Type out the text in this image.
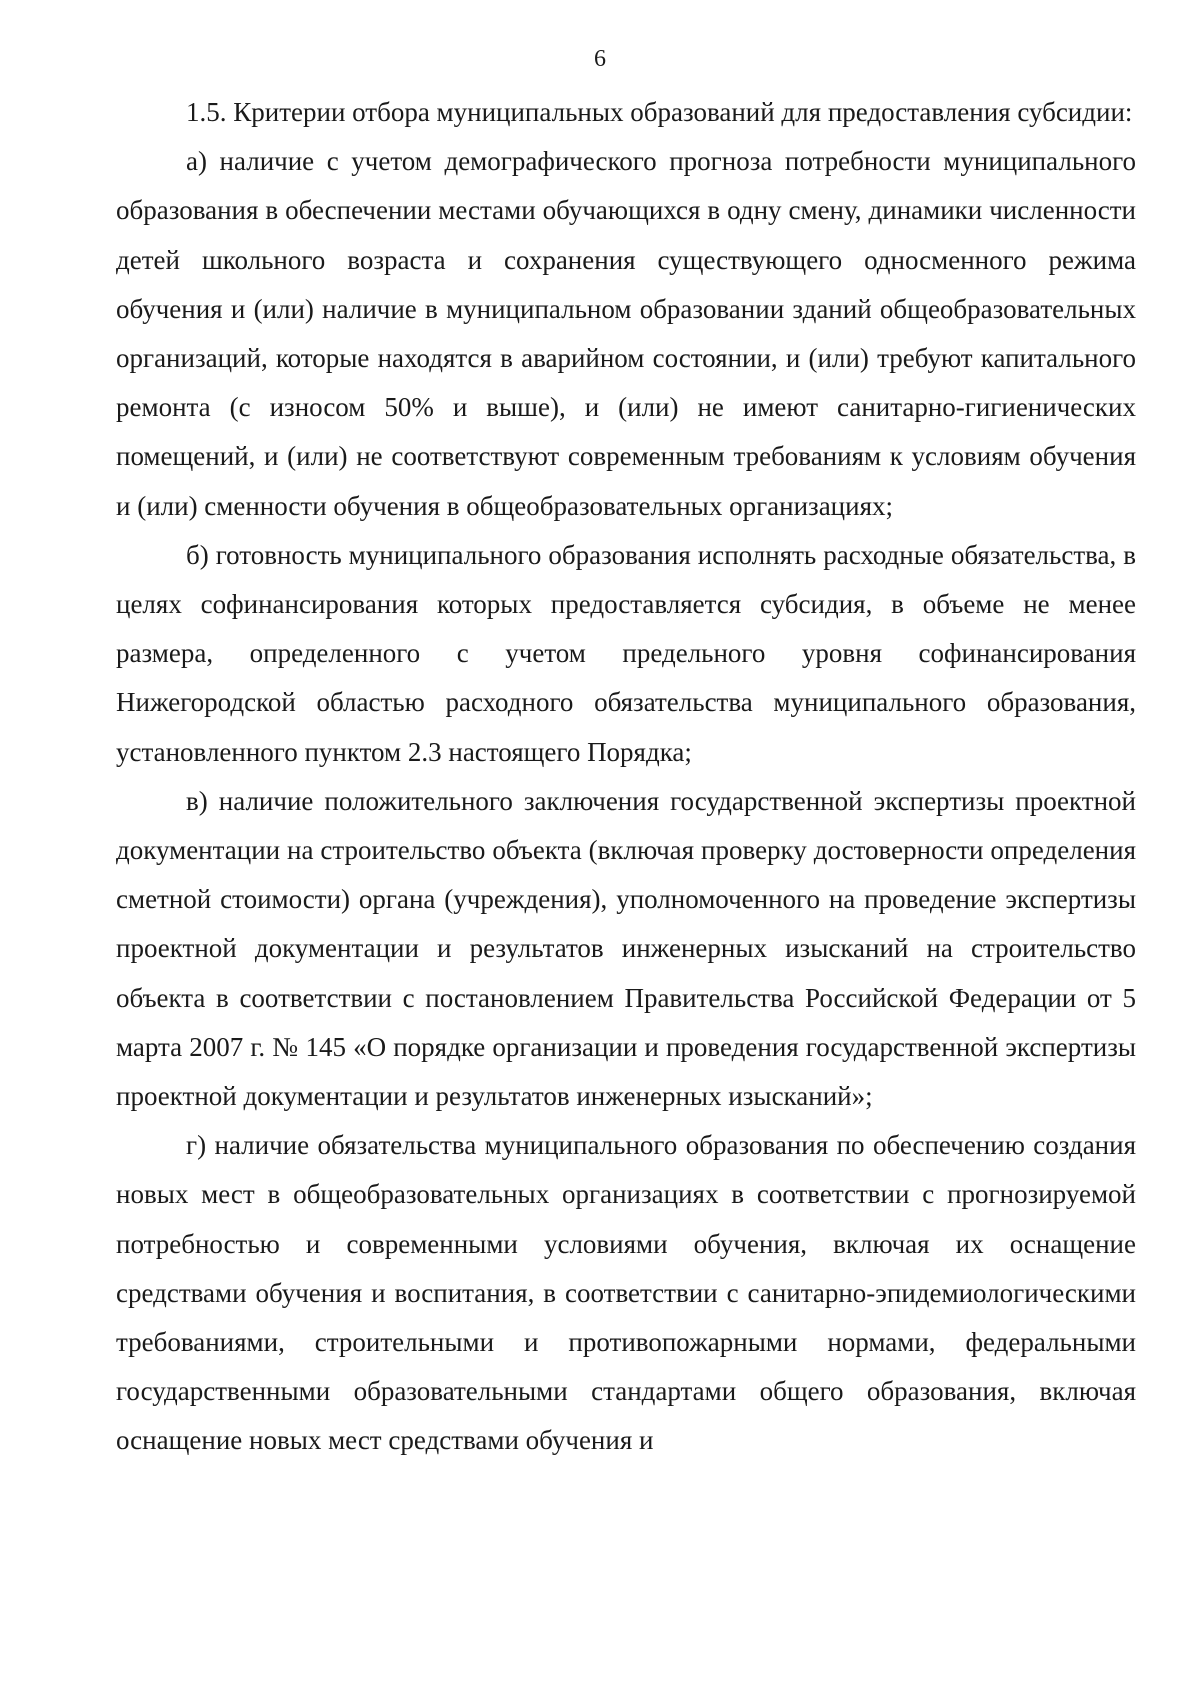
6

1.5. Критерии отбора муниципальных образований для предоставления субсидии:

а) наличие с учетом демографического прогноза потребности муниципального образования в обеспечении местами обучающихся в одну смену, динамики численности детей школьного возраста и сохранения существующего односменного режима обучения и (или) наличие в муниципальном образовании зданий общеобразовательных организаций, которые находятся в аварийном состоянии, и (или) требуют капитального ремонта (с износом 50% и выше), и (или) не имеют санитарно-гигиенических помещений, и (или) не соответствуют современным требованиям к условиям обучения и (или) сменности обучения в общеобразовательных организациях;

б) готовность муниципального образования исполнять расходные обязательства, в целях софинансирования которых предоставляется субсидия, в объеме не менее размера, определенного с учетом предельного уровня софинансирования Нижегородской областью расходного обязательства муниципального образования, установленного пунктом 2.3 настоящего Порядка;

в) наличие положительного заключения государственной экспертизы проектной документации на строительство объекта (включая проверку достоверности определения сметной стоимости) органа (учреждения), уполномоченного на проведение экспертизы проектной документации и результатов инженерных изысканий на строительство объекта в соответствии с постановлением Правительства Российской Федерации от 5 марта 2007 г. № 145 «О порядке организации и проведения государственной экспертизы проектной документации и результатов инженерных изысканий»;

г) наличие обязательства муниципального образования по обеспечению создания новых мест в общеобразовательных организациях в соответствии с прогнозируемой потребностью и современными условиями обучения, включая их оснащение средствами обучения и воспитания, в соответствии с санитарно-эпидемиологическими требованиями, строительными и противопожарными нормами, федеральными государственными образовательными стандартами общего образования, включая оснащение новых мест средствами обучения и
